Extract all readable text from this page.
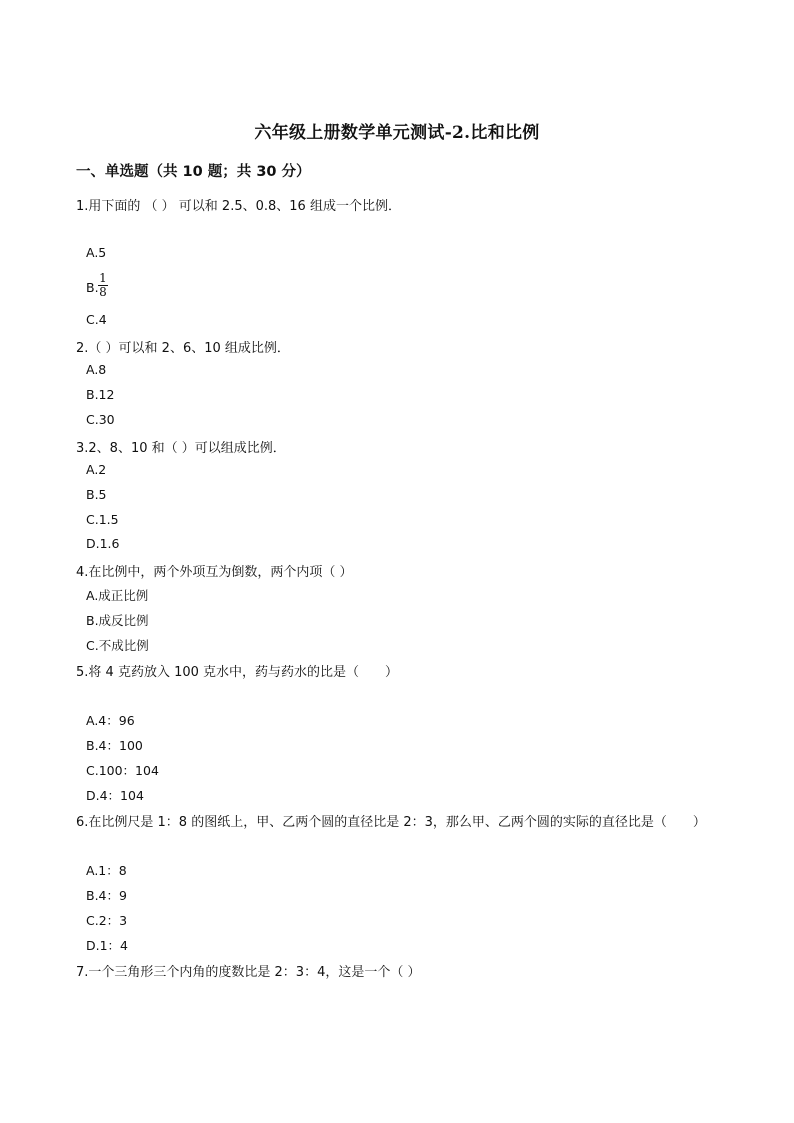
六年级上册数学单元测试-2.比和比例
一、单选题（共 10 题；共 30 分）
1.用下面的 （ ） 可以和 2.5、0.8、16 组成一个比例．
A.5
B. $\frac{1}{8}$
C.4
2.（ ）可以和 2、6、10 组成比例．
A.8
B.12
C.30
3.2、8、10 和（ ）可以组成比例．
A.2
B.5
C.1.5
D.1.6
4.在比例中，两个外项互为倒数，两个内项（ ）
A.成正比例
B.成反比例
C.不成比例
5.将 4 克药放入 100 克水中，药与药水的比是（　　）
A.4：96
B.4：100
C.100：104
D.4：104
6.在比例尺是 1：8 的图纸上，甲、乙两个圆的直径比是 2：3，那么甲、乙两个圆的实际的直径比是（　　）
A.1：8
B.4：9
C.2：3
D.1：4
7.一个三角形三个内角的度数比是 2：3：4，这是一个（ ）
